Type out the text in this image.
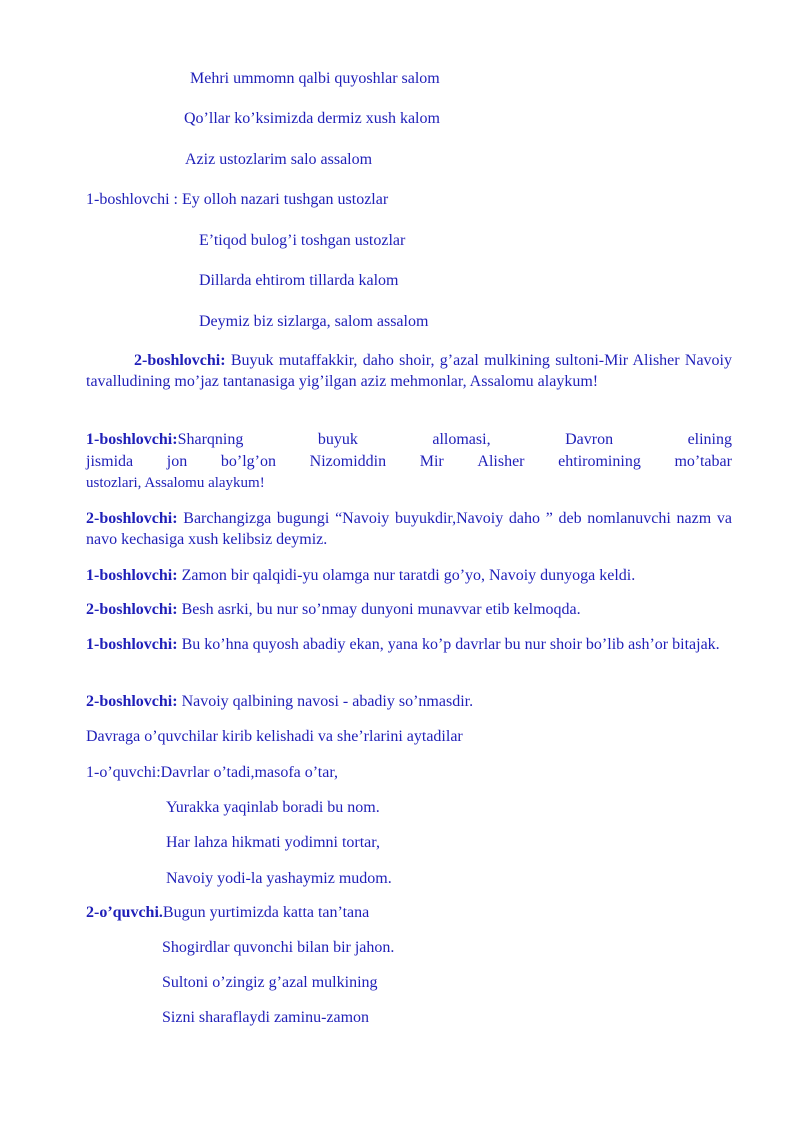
Mehri ummomn qalbi quyoshlar salom
Qo’llar ko’ksimizda dermiz xush kalom
Aziz ustozlarim salo assalom
1-boshlovchi : Ey olloh nazari tushgan ustozlar
E’tiqod bulog’i toshgan ustozlar
Dillarda ehtirom tillarda kalom
Deymiz biz sizlarga, salom assalom
2-boshlovchi: Buyuk mutaffakkir, daho shoir, g’azal mulkining sultoni-Mir Alisher Navoiy tavalludining mo’jaz tantanasiga yig’ilgan aziz mehmonlar, Assalomu alaykum!
1-boshlovchi:Sharqning	buyuk	allomasi,	Davron	elining
jismida jon bo’lg’on Nizomiddin Mir Alisher ehtiromining mo’tabar
ustozlari, Assalomu alaykum!
2-boshlovchi: Barchangizga bugungi “Navoiy buyukdir,Navoiy daho ” deb nomlanuvchi nazm va navo kechasiga xush kelibsiz deymiz.
1-boshlovchi: Zamon bir qalqidi-yu olamga nur taratdi go’yo, Navoiy dunyoga keldi.
2-boshlovchi: Besh asrki, bu nur so’nmay dunyoni munavvar etib kelmoqda.
1-boshlovchi: Bu ko’hna quyosh abadiy ekan, yana ko’p davrlar bu nur shoir bo’lib ash’or bitajak.
2-boshlovchi: Navoiy qalbining navosi - abadiy so’nmasdir.
Davraga o’quvchilar kirib kelishadi va she’rlarini aytadilar
1-o’quvchi:Davrlar o’tadi,masofa o’tar,
Yurakka yaqinlab boradi bu nom.
Har lahza hikmati yodimni tortar,
Navoiy yodi-la yashaymiz mudom.
2-o’quvchi.Bugun yurtimizda katta tan’tana
Shogirdlar quvonchi bilan bir jahon.
Sultoni o’zingiz g’azal mulkining
Sizni sharaflaydi zaminu-zamon
